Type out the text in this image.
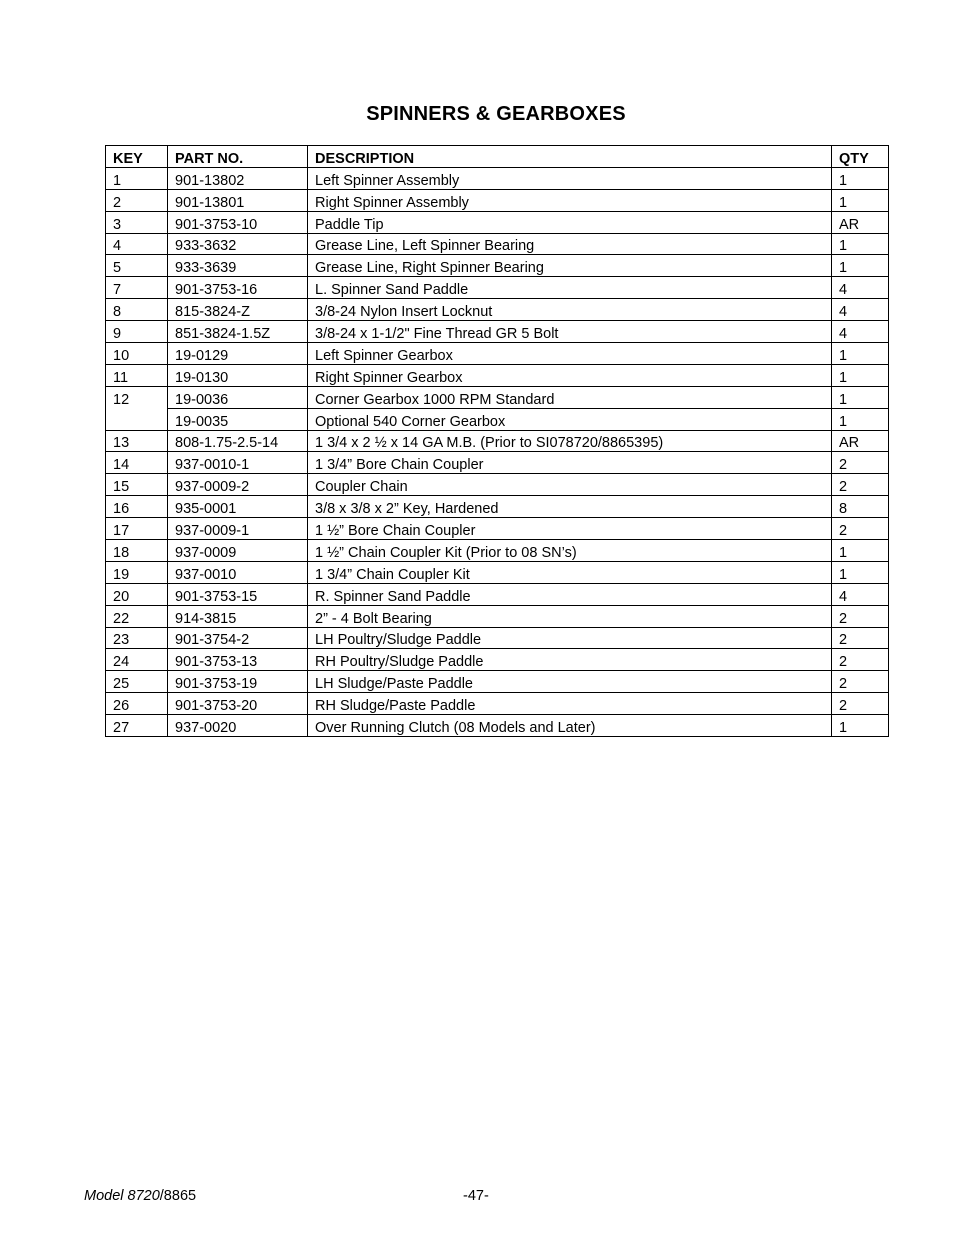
SPINNERS & GEARBOXES
KEY	PART NO.	DESCRIPTION	QTY
1	901-13802	Left Spinner Assembly	1
2	901-13801	Right Spinner Assembly	1
3	901-3753-10	Paddle Tip	AR
4	933-3632	Grease Line, Left Spinner Bearing	1
5	933-3639	Grease Line, Right Spinner Bearing	1
7	901-3753-16	L. Spinner Sand Paddle	4
8	815-3824-Z	3/8-24 Nylon Insert Locknut	4
9	851-3824-1.5Z	3/8-24 x 1-1/2" Fine Thread GR 5 Bolt	4
10	19-0129	Left Spinner Gearbox	1
11	19-0130	Right Spinner Gearbox	1
12	19-0036	Corner Gearbox 1000 RPM Standard	1
	19-0035	Optional 540 Corner Gearbox	1
13	808-1.75-2.5-14	1 3/4 x 2 ½ x 14 GA M.B. (Prior to SI078720/8865395)	AR
14	937-0010-1	1 3/4” Bore Chain Coupler	2
15	937-0009-2	Coupler Chain	2
16	935-0001	3/8 x 3/8 x 2” Key, Hardened	8
17	937-0009-1	1 ½” Bore Chain Coupler	2
18	937-0009	1 ½” Chain Coupler Kit (Prior to 08 SN’s)	1
19	937-0010	1 3/4” Chain Coupler Kit	1
20	901-3753-15	R. Spinner Sand Paddle	4
22	914-3815	2” - 4 Bolt Bearing	2
23	901-3754-2	LH Poultry/Sludge Paddle	2
24	901-3753-13	RH Poultry/Sludge Paddle	2
25	901-3753-19	LH Sludge/Paste Paddle	2
26	901-3753-20	RH Sludge/Paste Paddle	2
27	937-0020	Over Running Clutch (08 Models and Later)	1
Model 8720/8865	-47-
